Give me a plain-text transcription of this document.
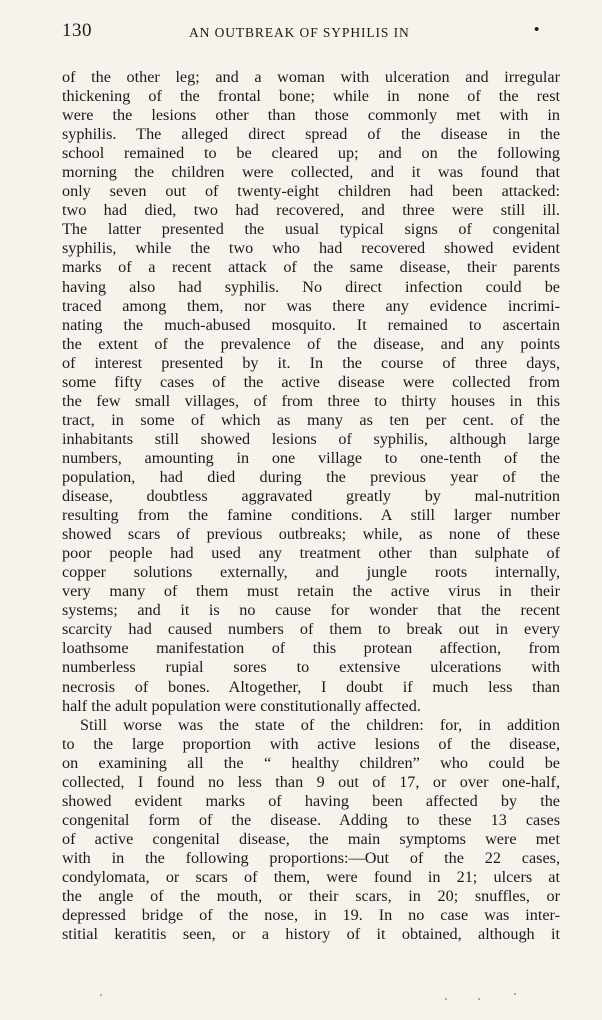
130	AN OUTBREAK OF SYPHILIS IN	•
of the other leg; and a woman with ulceration and irregular
thickening of the frontal bone; while in none of the rest
were the lesions other than those commonly met with in
syphilis. The alleged direct spread of the disease in the
school remained to be cleared up; and on the following
morning the children were collected, and it was found that
only seven out of twenty-eight children had been attacked:
two had died, two had recovered, and three were still ill.
The latter presented the usual typical signs of congenital
syphilis, while the two who had recovered showed evident
marks of a recent attack of the same disease, their parents
having also had syphilis. No direct infection could be
traced among them, nor was there any evidence incrimi-
nating the much-abused mosquito. It remained to ascertain
the extent of the prevalence of the disease, and any points
of interest presented by it. In the course of three days,
some fifty cases of the active disease were collected from
the few small villages, of from three to thirty houses in this
tract, in some of which as many as ten per cent. of the
inhabitants still showed lesions of syphilis, although large
numbers, amounting in one village to one-tenth of the
population, had died during the previous year of the
disease, doubtless aggravated greatly by mal-nutrition
resulting from the famine conditions. A still larger number
showed scars of previous outbreaks; while, as none of these
poor people had used any treatment other than sulphate of
copper solutions externally, and jungle roots internally,
very many of them must retain the active virus in their
systems; and it is no cause for wonder that the recent
scarcity had caused numbers of them to break out in every
loathsome manifestation of this protean affection, from
numberless rupial sores to extensive ulcerations with
necrosis of bones. Altogether, I doubt if much less than
half the adult population were constitutionally affected.
Still worse was the state of the children: for, in addition
to the large proportion with active lesions of the disease,
on examining all the “ healthy children” who could be
collected, I found no less than 9 out of 17, or over one-half,
showed evident marks of having been affected by the
congenital form of the disease. Adding to these 13 cases
of active congenital disease, the main symptoms were met
with in the following proportions:—Out of the 22 cases,
condylomata, or scars of them, were found in 21; ulcers at
the angle of the mouth, or their scars, in 20; snuffles, or
depressed bridge of the nose, in 19. In no case was inter-
stitial keratitis seen, or a history of it obtained, although it
